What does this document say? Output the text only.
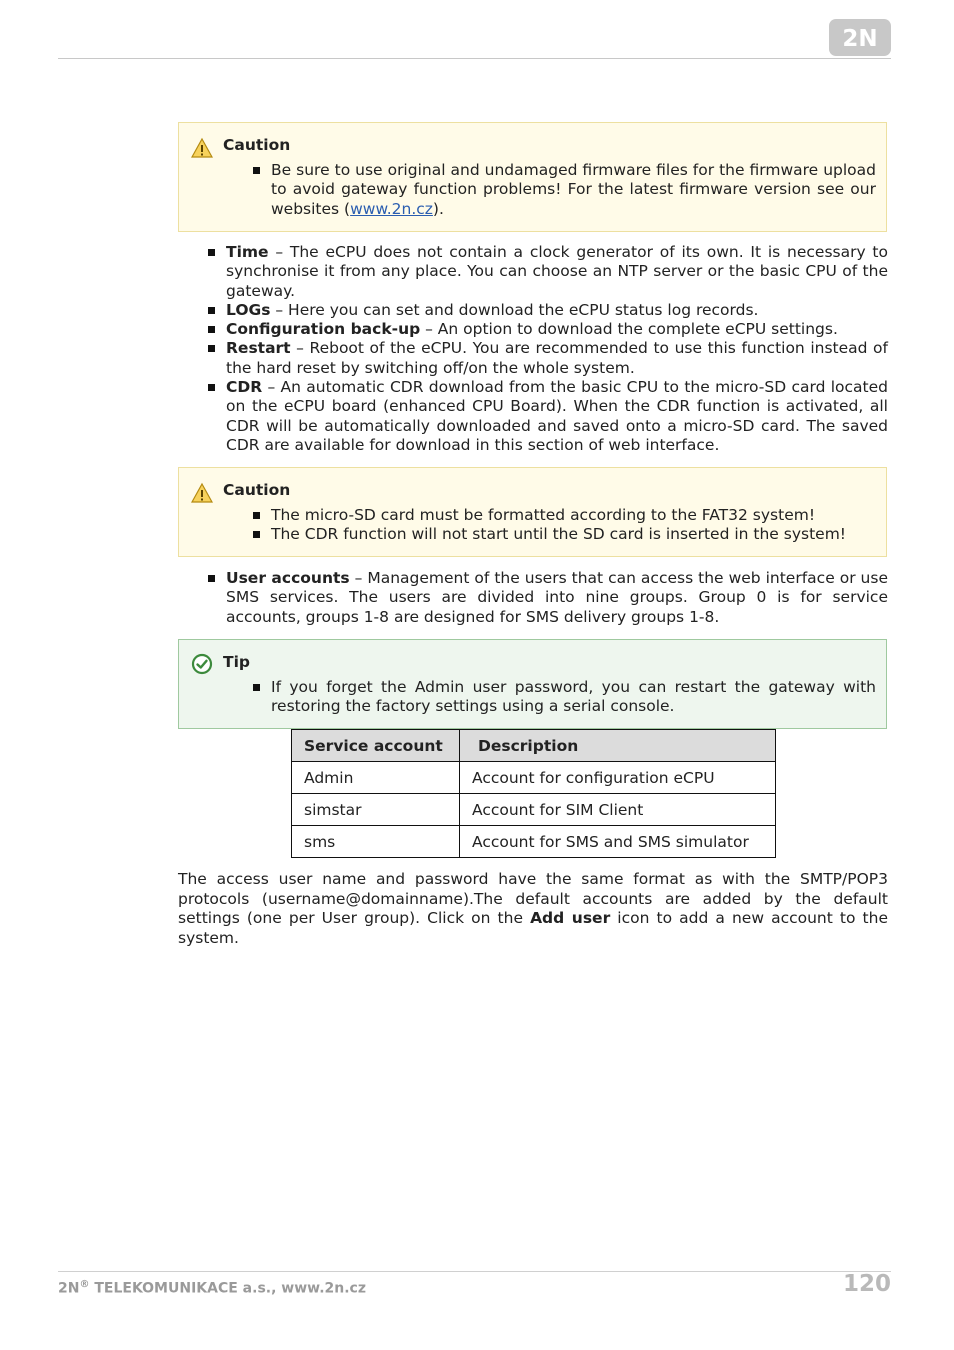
2N
Caution
Be sure to use original and undamaged firmware files for the firmware upload to avoid gateway function problems! For the latest firmware version see our websites (www.2n.cz).
Time – The eCPU does not contain a clock generator of its own. It is necessary to synchronise it from any place. You can choose an NTP server or the basic CPU of the gateway.
LOGs – Here you can set and download the eCPU status log records.
Configuration back-up – An option to download the complete eCPU settings.
Restart – Reboot of the eCPU. You are recommended to use this function instead of the hard reset by switching off/on the whole system.
CDR – An automatic CDR download from the basic CPU to the micro-SD card located on the eCPU board (enhanced CPU Board). When the CDR function is activated, all CDR will be automatically downloaded and saved onto a micro-SD card. The saved CDR are available for download in this section of web interface.
Caution
The micro-SD card must be formatted according to the FAT32 system!
The CDR function will not start until the SD card is inserted in the system!
User accounts – Management of the users that can access the web interface or use SMS services. The users are divided into nine groups. Group 0 is for service accounts, groups 1-8 are designed for SMS delivery groups 1-8.
Tip
If you forget the Admin user password, you can restart the gateway with restoring the factory settings using a serial console.
Service account	Description
Admin	Account for configuration eCPU
simstar	Account for SIM Client
sms	Account for SMS and SMS simulator

The access user name and password have the same format as with the SMTP/POP3 protocols (username@domainname).The default accounts are added by the default settings (one per User group). Click on the Add user icon to add a new account to the system.

2N® TELEKOMUNIKACE a.s., www.2n.cz	120
